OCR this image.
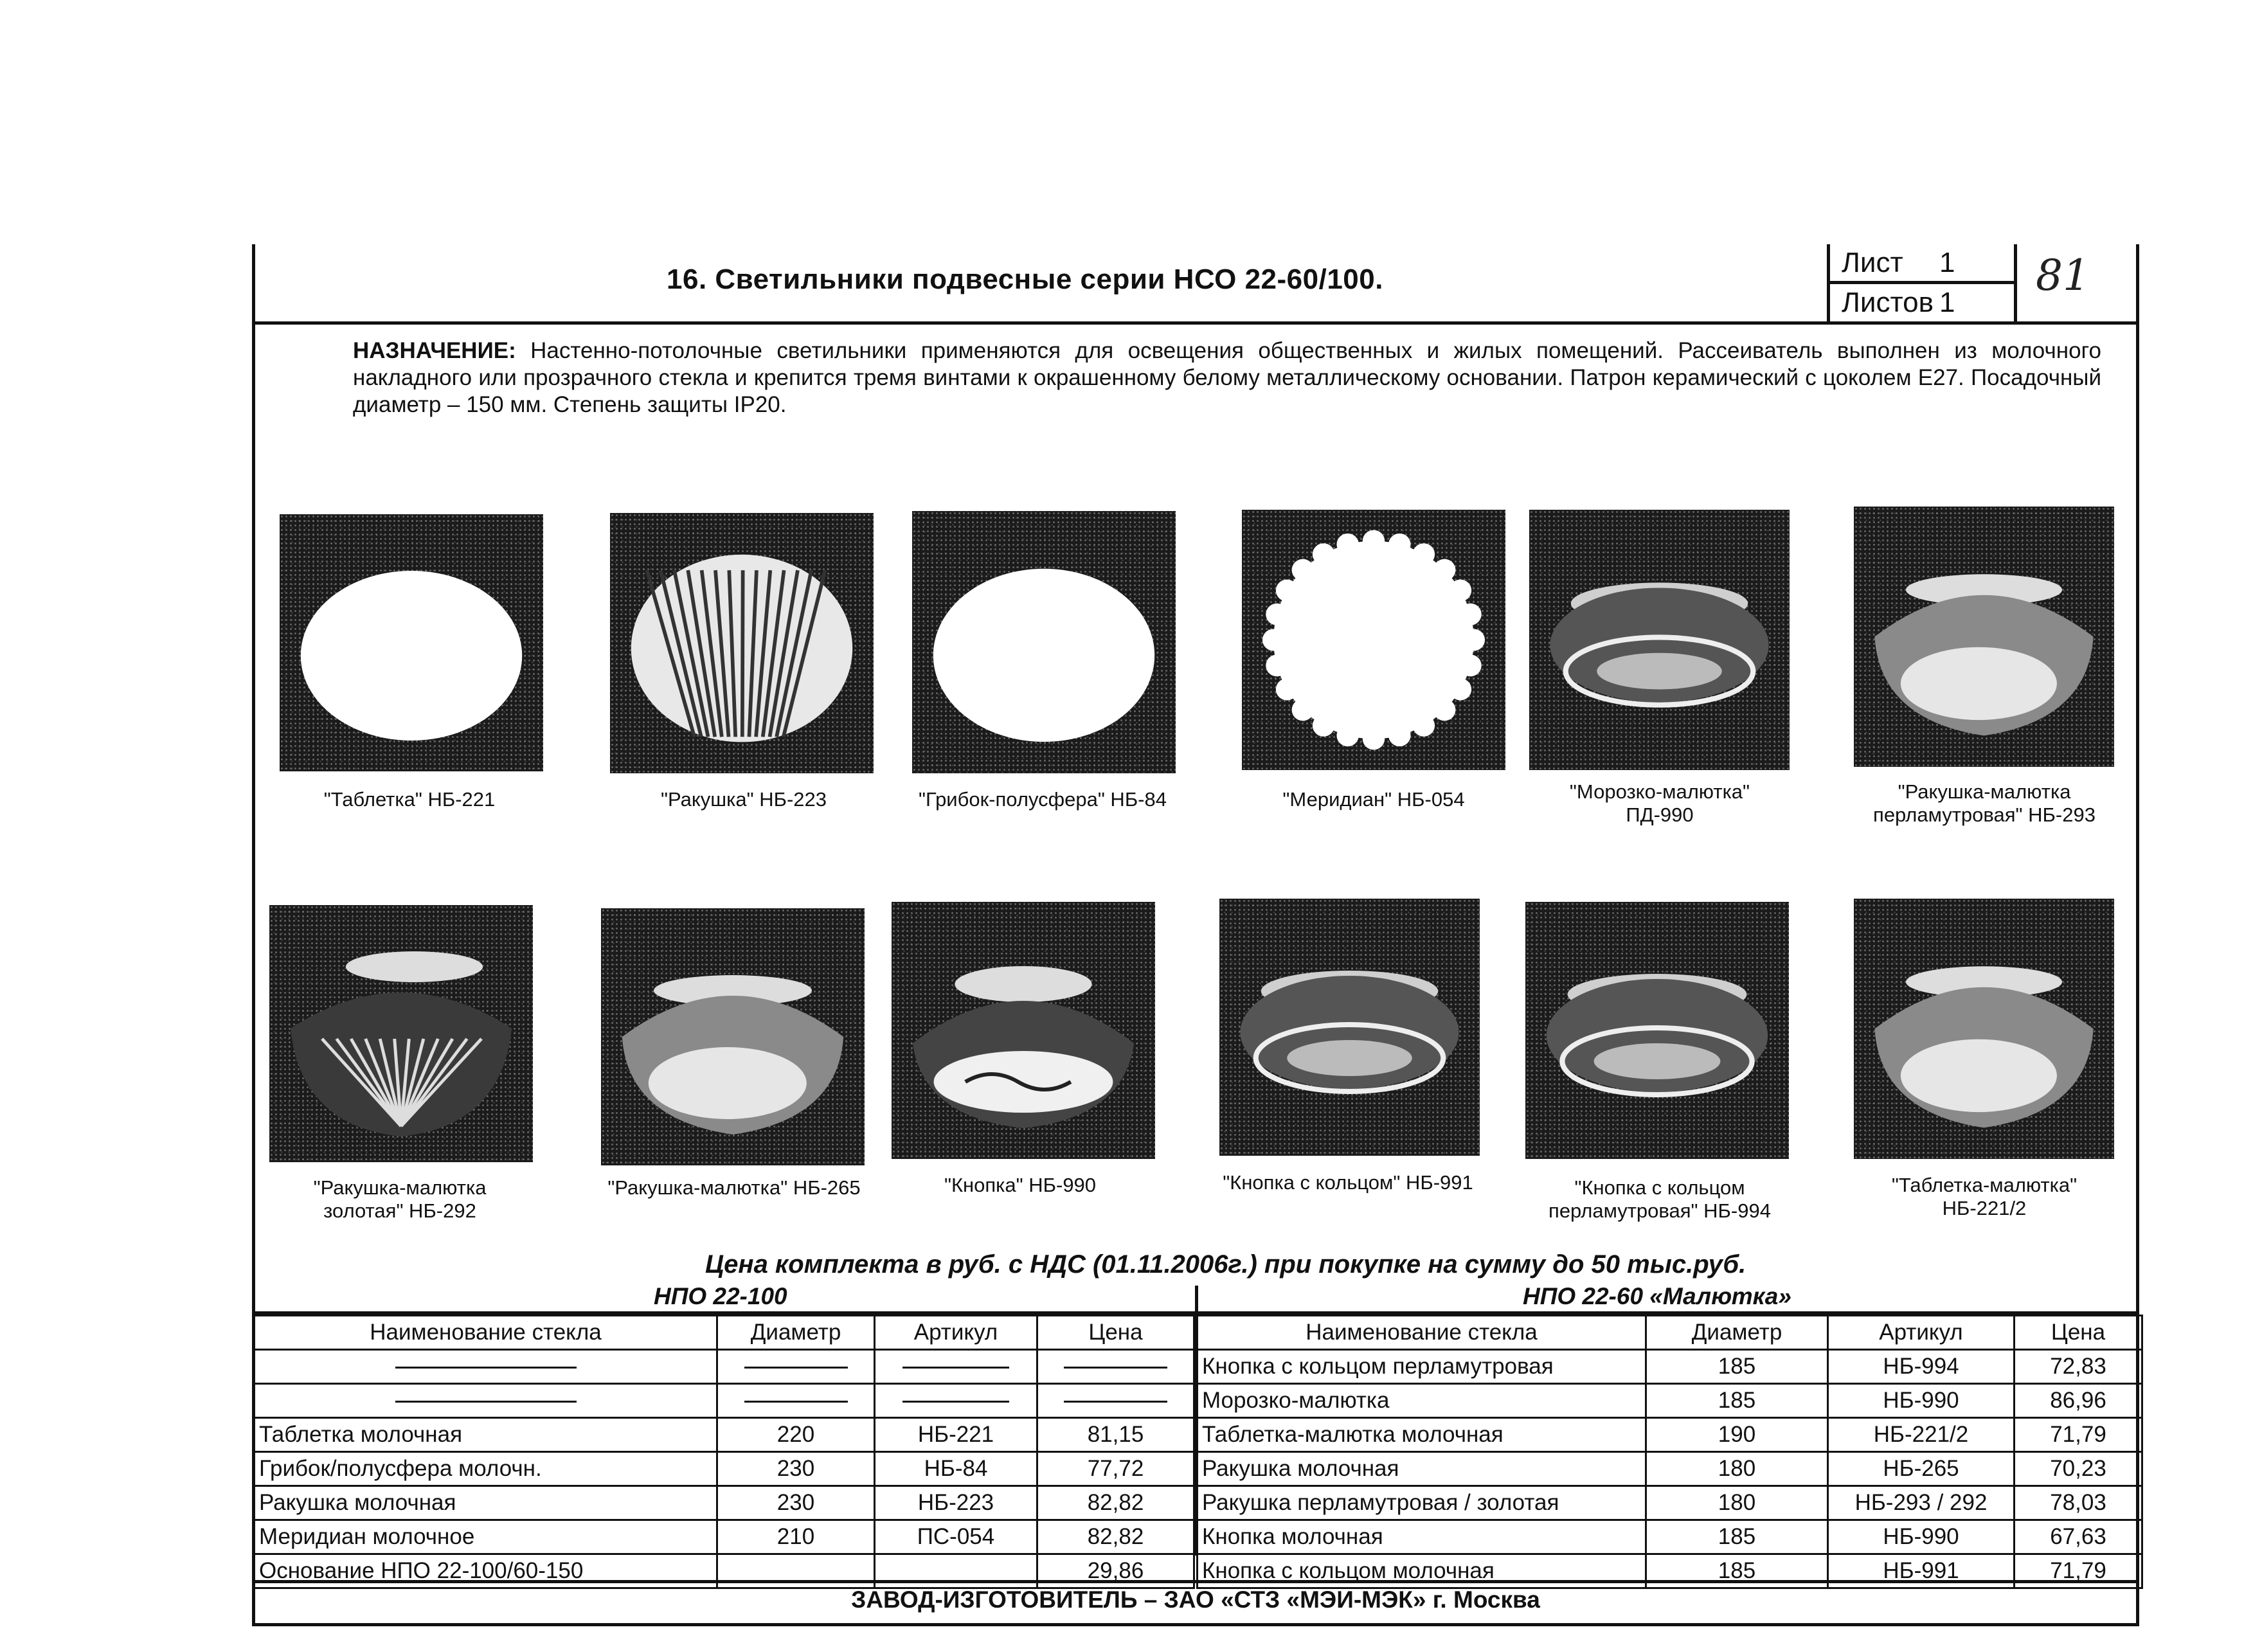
16. Светильники подвесные серии НСО 22-60/100.
Лист 1
Листов 1
81
НАЗНАЧЕНИЕ: Настенно-потолочные светильники применяются для освещения общественных и жилых помещений. Рассеиватель выполнен из молочного накладного или прозрачного стекла и крепится тремя винтами к окрашенному белому металлическому основании. Патрон керамический с цоколем Е27. Посадочный диаметр – 150 мм. Степень защиты IP20.
"Таблетка" НБ-221	"Ракушка" НБ-223	"Грибок-полусфера" НБ-84	"Меридиан" НБ-054	"Морозко-малютка"
ПД-990
"Ракушка-малютка
перламутровая" НБ-293
"Ракушка-малютка
золотая" НБ-292
"Ракушка-малютка" НБ-265	"Кнопка" НБ-990	"Кнопка с кольцом" НБ-991	"Кнопка с кольцом
перламутровая" НБ-994
"Таблетка-малютка"
НБ-221/2
Цена комплекта в руб. с НДС (01.11.2006г.) при покупке на сумму до 50 тыс.руб.
НПО 22-100	НПО 22-60 «Малютка»
Наименование стекла	Диаметр	Артикул	Цена

Таблетка молочная	220	НБ-221	81,15
Грибок/полусфера молочн.	230	НБ-84	77,72
Ракушка молочная	230	НБ-223	82,82
Меридиан молочное	210	ПС-054	82,82
Основание НПО 22-100/60-150			29,86
Наименование стекла	Диаметр	Артикул	Цена
Кнопка с кольцом перламутровая	185	НБ-994	72,83
Морозко-малютка	185	НБ-990	86,96
Таблетка-малютка молочная	190	НБ-221/2	71,79
Ракушка молочная	180	НБ-265	70,23
Ракушка перламутровая / золотая	180	НБ-293 / 292	78,03
Кнопка молочная	185	НБ-990	67,63
Кнопка с кольцом молочная	185	НБ-991	71,79
ЗАВОД-ИЗГОТОВИТЕЛЬ – ЗАО «СТЗ «МЭИ-МЭК» г. Москва
